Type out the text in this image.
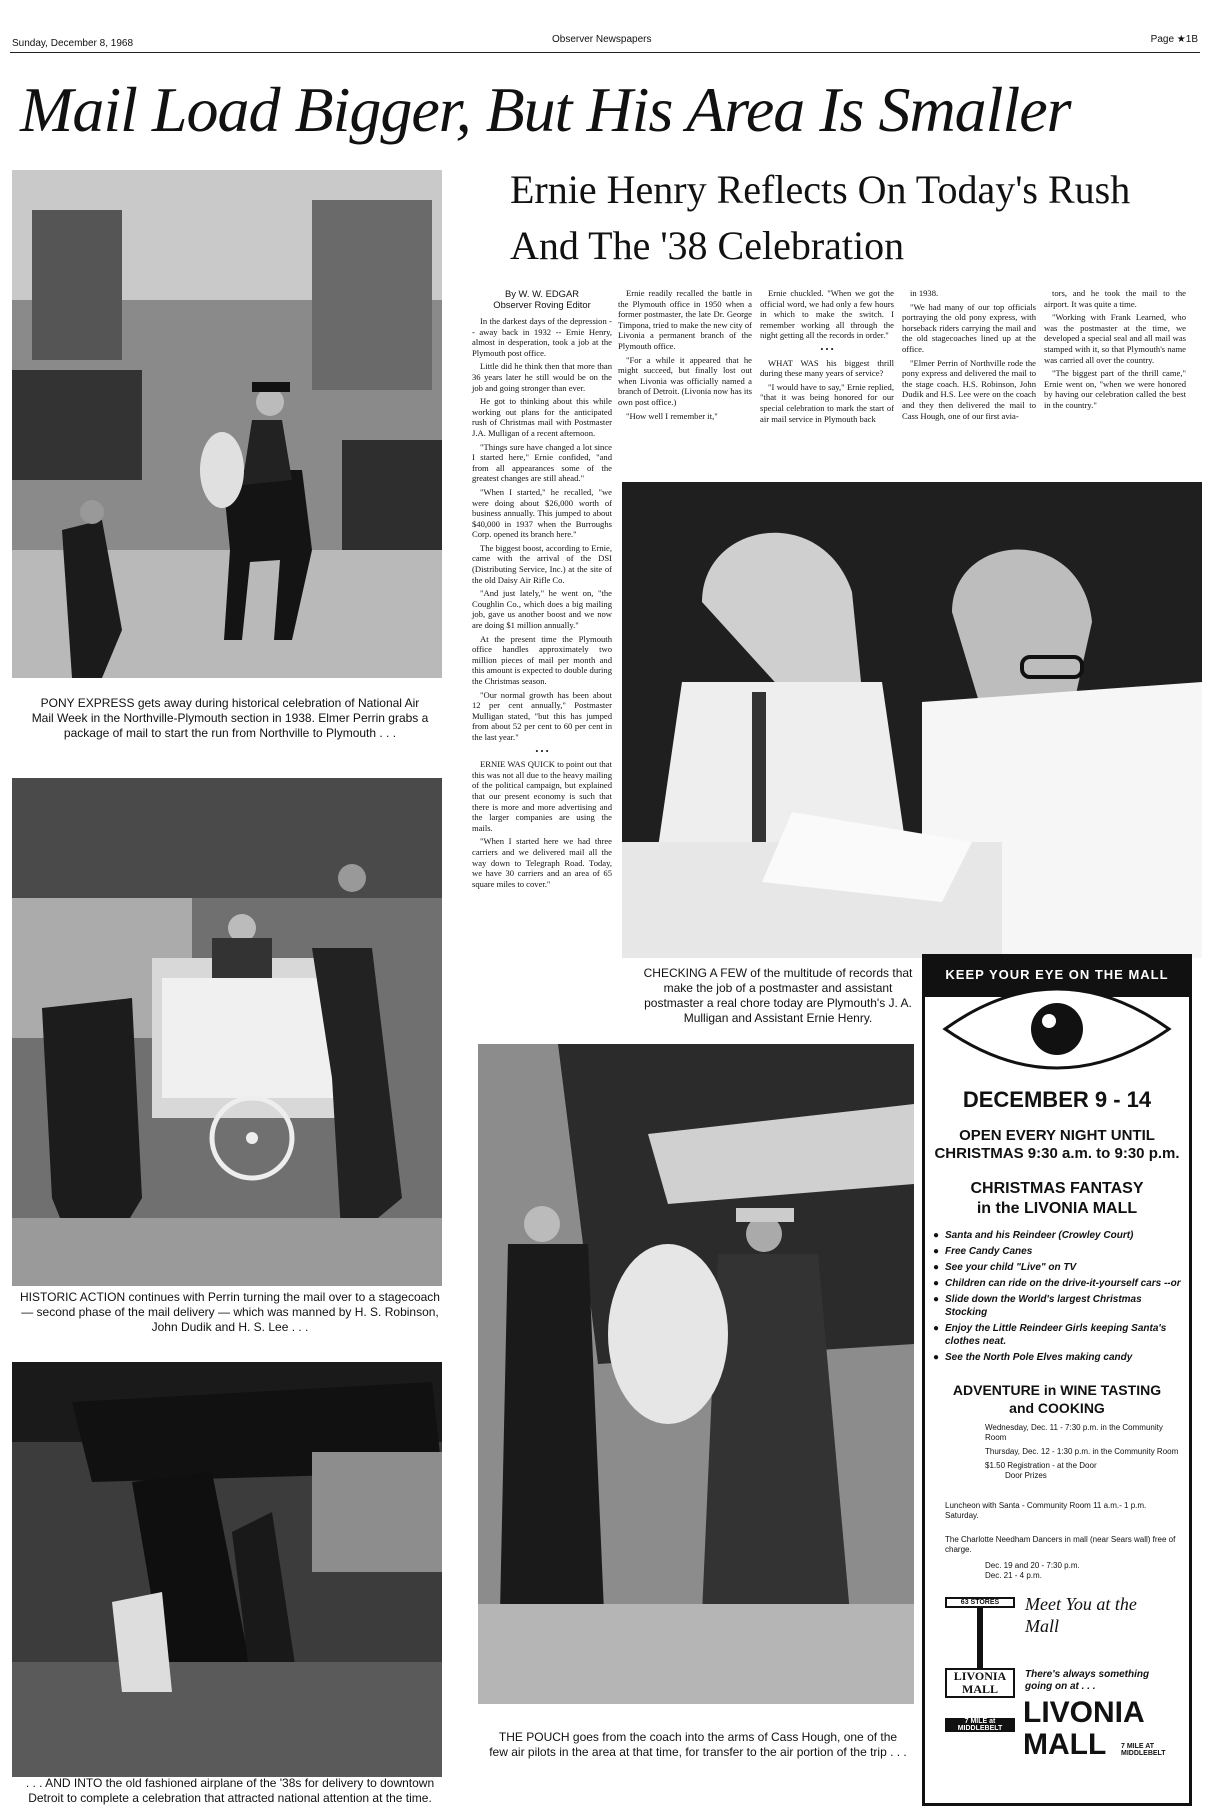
Sunday, December 8, 1968	Observer Newspapers	Page ★1B
Mail Load Bigger, But His Area Is Smaller
Ernie Henry Reflects On Today's Rush And The '38 Celebration
PONY EXPRESS gets away during historical celebration of National Air Mail Week in the Northville-Plymouth section in 1938. Elmer Perrin grabs a package of mail to start the run from Northville to Plymouth . . .
HISTORIC ACTION continues with Perrin turning the mail over to a stagecoach — second phase of the mail delivery — which was manned by H. S. Robinson, John Dudik and H. S. Lee . . .
. . . AND INTO the old fashioned airplane of the '38s for delivery to downtown Detroit to complete a celebration that attracted national attention at the time.
By W. W. EDGAR
Observer Roving Editor

In the darkest days of the depression -- away back in 1932 -- Ernie Henry, almost in desperation, took a job at the Plymouth post office.

Little did he think then that more than 36 years later he still would be on the job and going stronger than ever.

He got to thinking about this while working out plans for the anticipated rush of Christmas mail with Postmaster J.A. Mulligan of a recent afternoon.

"Things sure have changed a lot since I started here," Ernie confided, "and from all appearances some of the greatest changes are still ahead."

"When I started," he recalled, "we were doing about $26,000 worth of business annually. This jumped to about $40,000 in 1937 when the Burroughs Corp. opened its branch here."

The biggest boost, according to Ernie, came with the arrival of the DSI (Distributing Service, Inc.) at the site of the old Daisy Air Rifle Co.

"And just lately," he went on, "the Coughlin Co., which does a big mailing job, gave us another boost and we now are doing $1 million annually."

At the present time the Plymouth office handles approximately two million pieces of mail per month and this amount is expected to double during the Christmas season.

"Our normal growth has been about 12 per cent annually," Postmaster Mulligan stated, "but this has jumped from about 52 per cent to 60 per cent in the last year."

• • •

ERNIE WAS QUICK to point out that this was not all due to the heavy mailing of the political campaign, but explained that our present economy is such that there is more and more advertising and the larger companies are using the mails.

"When I started here we had three carriers and we delivered mail all the way down to Telegraph Road. Today, we have 30 carriers and an area of 65 square miles to cover."

Ernie readily recalled the battle in the Plymouth office in 1950 when a former postmaster, the late Dr. George Timpona, tried to make the new city of Livonia a permanent branch of the Plymouth office.

"For a while it appeared that he might succeed, but finally lost out when Livonia was officially named a branch of Detroit. (Livonia now has its own post office.)

"How well I remember it,"

Ernie chuckled. "When we got the official word, we had only a few hours in which to make the switch. I remember working all through the night getting all the records in order."

• • •

WHAT WAS his biggest thrill during these many years of service?

"I would have to say," Ernie replied, "that it was being honored for our special celebration to mark the start of air mail service in Plymouth back

in 1938.

"We had many of our top officials portraying the old pony express, with horseback riders carrying the mail and the old stagecoaches lined up at the office.

"Elmer Perrin of Northville rode the pony express and delivered the mail to the stage coach. H.S. Robinson, John Dudik and H.S. Lee were on the coach and they then delivered the mail to Cass Hough, one of our first avia-

tors, and he took the mail to the airport. It was quite a time.

"Working with Frank Learned, who was the postmaster at the time, we developed a special seal and all mail was stamped with it, so that Plymouth's name was carried all over the country.

"The biggest part of the thrill came," Ernie went on, "when we were honored by having our celebration called the best in the country."

CHECKING A FEW of the multitude of records that make the job of a postmaster and assistant postmaster a real chore today are Plymouth's J. A. Mulligan and Assistant Ernie Henry.
THE POUCH goes from the coach into the arms of Cass Hough, one of the few air pilots in the area at that time, for transfer to the air portion of the trip . . .
KEEP YOUR EYE ON THE MALL
DECEMBER 9 - 14
OPEN EVERY NIGHT UNTIL
CHRISTMAS 9:30 a.m. to 9:30 p.m.
CHRISTMAS FANTASY
in the LIVONIA MALL
● Santa and his Reindeer (Crowley Court)
● Free Candy Canes
● See your child "Live" on TV
● Children can ride on the drive-it-yourself cars --or
● Slide down the World's largest Christmas Stocking
● Enjoy the Little Reindeer Girls keeping Santa's clothes neat.
● See the North Pole Elves making candy
ADVENTURE in WINE TASTING
and COOKING
Wednesday, Dec. 11 - 7:30 p.m. in the Community Room
Thursday, Dec. 12 - 1:30 p.m. in the Community Room
$1.50 Registration - at the Door
Door Prizes
Luncheon with Santa - Community Room 11 a.m.- 1 p.m. Saturday.
The Charlotte Needham Dancers in mall (near Sears wall) free of charge.
Dec. 19 and 20 - 7:30 p.m.
Dec. 21 - 4 p.m.
Meet You at the Mall
63 STORES
LIVONIA MALL
7 MILE at MIDDLEBELT
There's always something going on at . . .
LIVONIA MALL	7 MILE AT MIDDLEBELT
